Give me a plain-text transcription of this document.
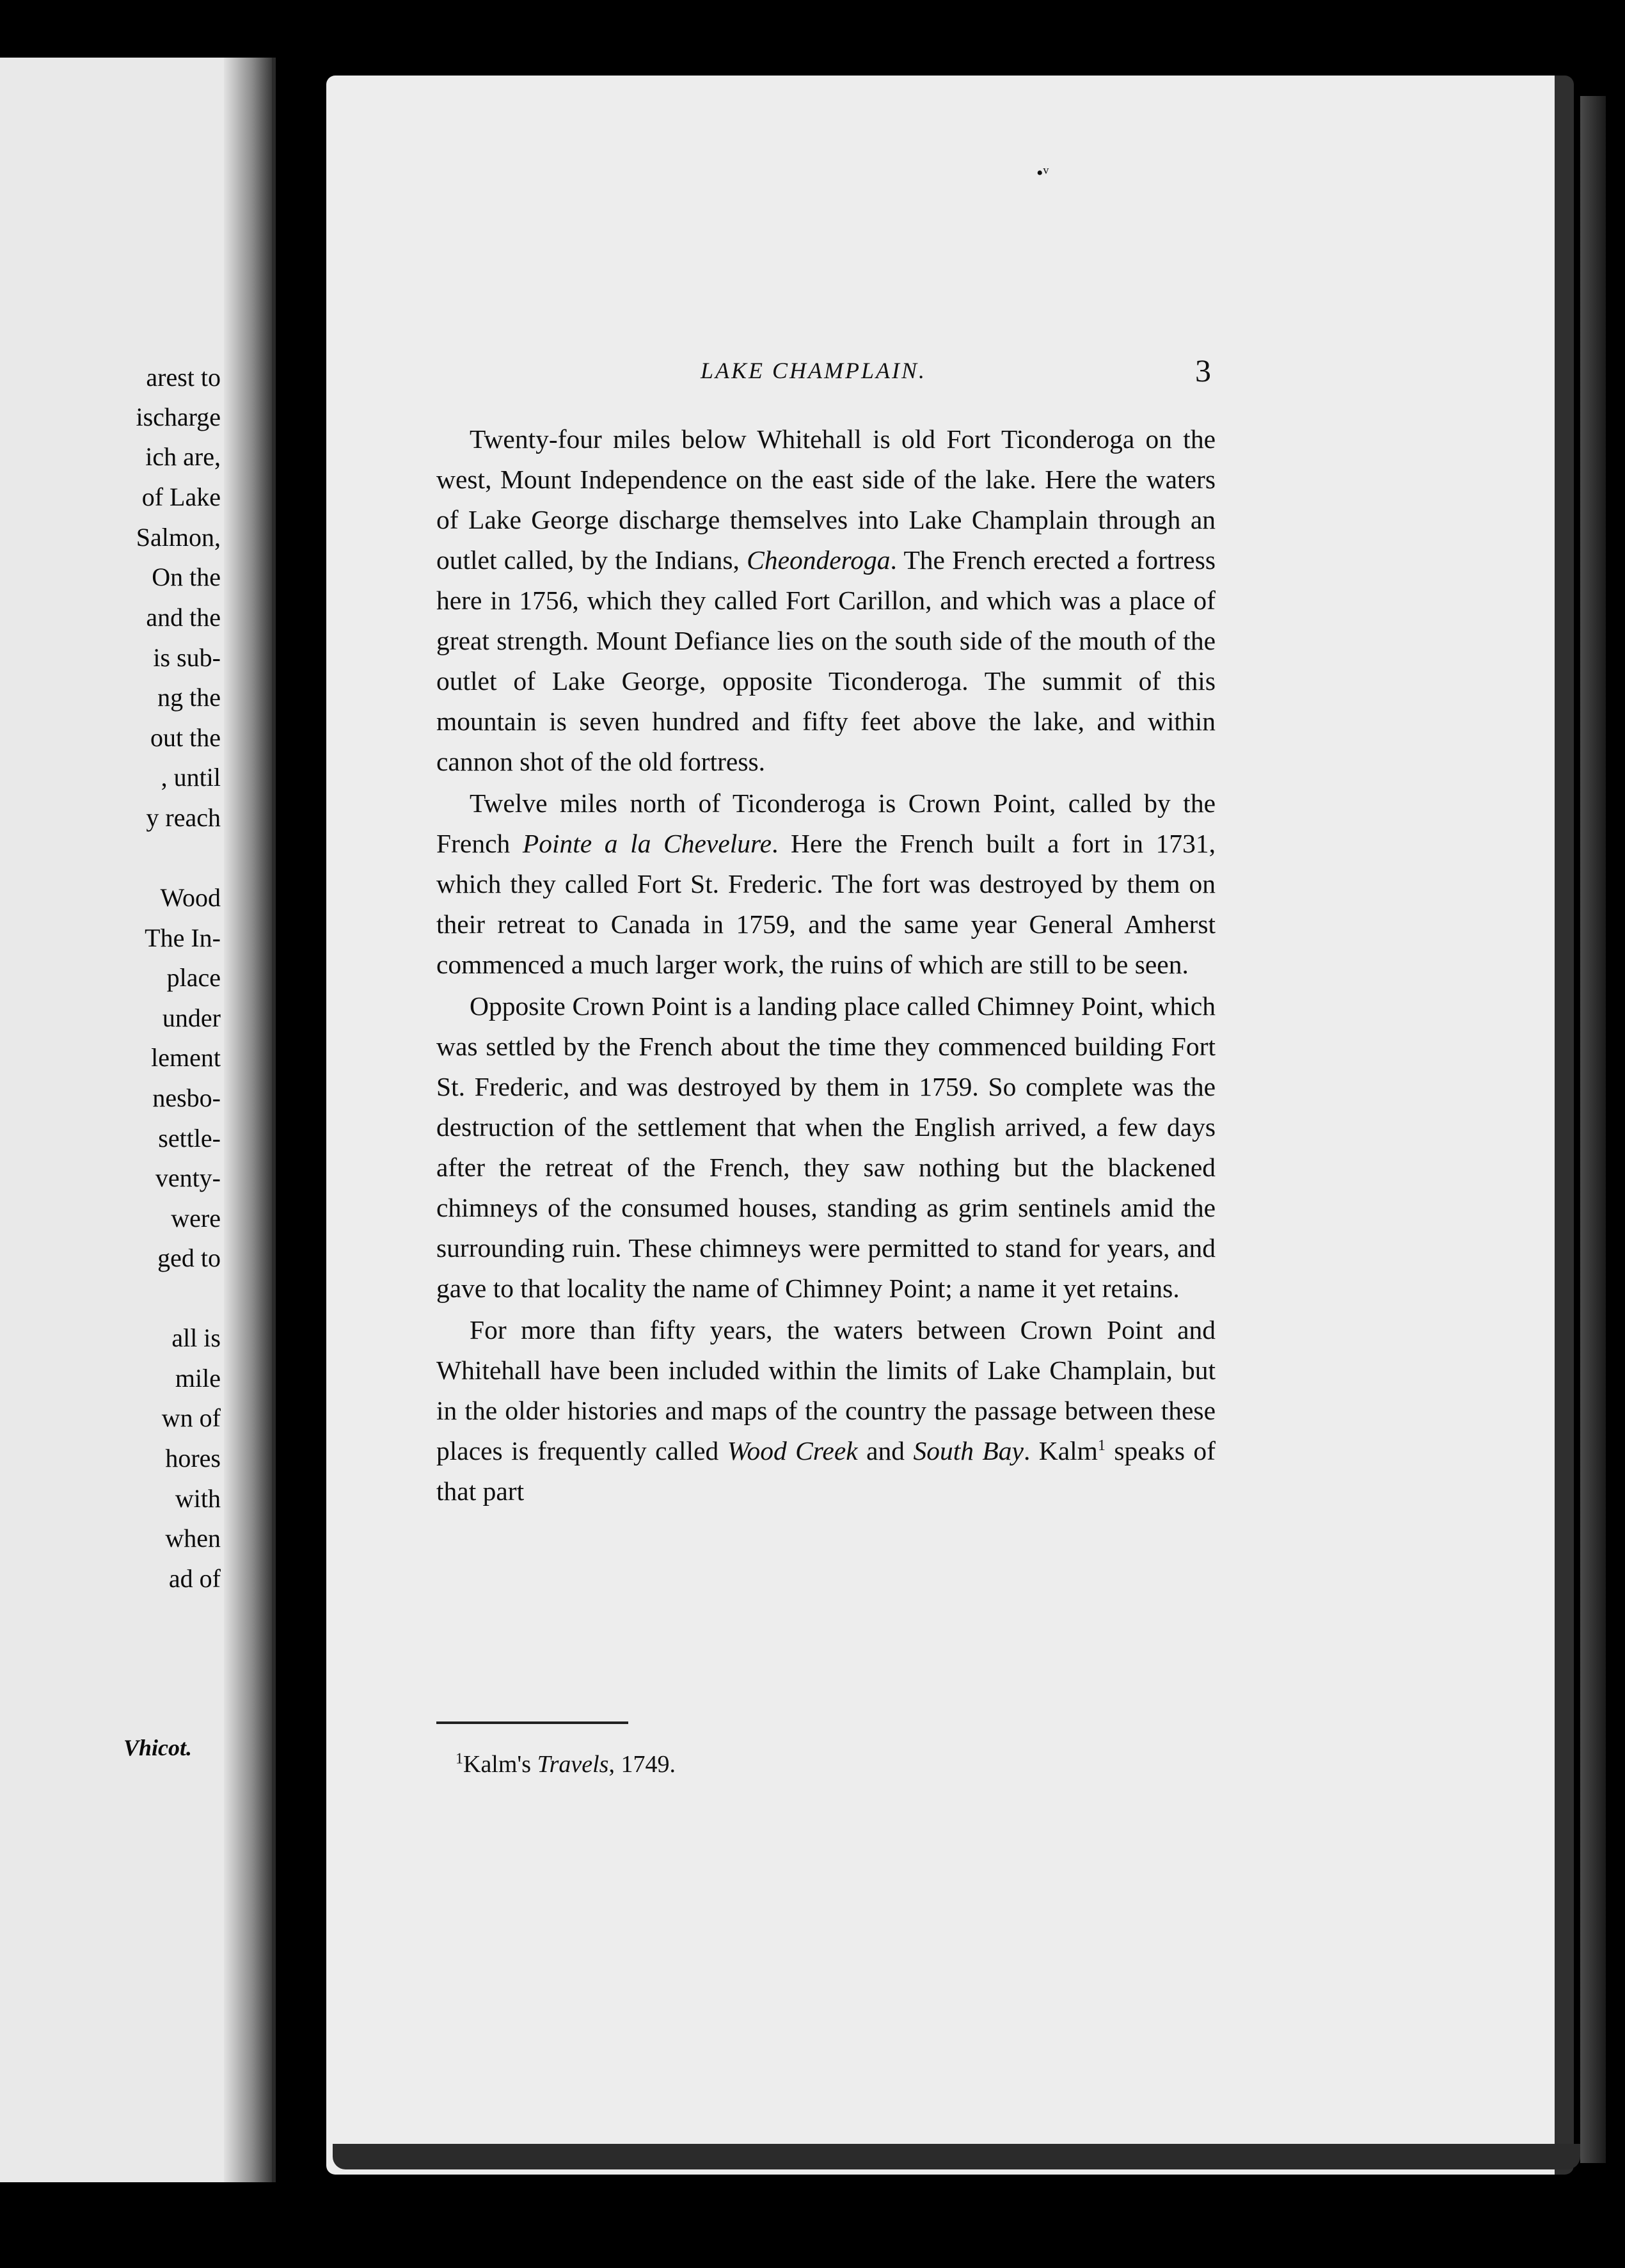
arest to
ischarge
ich are,
of Lake
Salmon,
On the
and the
is sub-
ng the
out the
, until
y reach
Wood
The In-
place
under
lement
nesbo-
settle-
venty-
were
ged to
all is
mile
wn of
hores
with
when
ad of
Vhicot.
•ᵛ
LAKE CHAMPLAIN.	3

Twenty-four miles below Whitehall is old Fort Ticonderoga on the west, Mount Independence on the east side of the lake. Here the waters of Lake George discharge themselves into Lake Champlain through an outlet called, by the Indians, Cheonderoga. The French erected a fortress here in 1756, which they called Fort Carillon, and which was a place of great strength. Mount Defiance lies on the south side of the mouth of the outlet of Lake George, opposite Ticonderoga. The summit of this mountain is seven hundred and fifty feet above the lake, and within cannon shot of the old fortress.

Twelve miles north of Ticonderoga is Crown Point, called by the French Pointe a la Chevelure. Here the French built a fort in 1731, which they called Fort St. Frederic. The fort was destroyed by them on their retreat to Canada in 1759, and the same year General Amherst commenced a much larger work, the ruins of which are still to be seen.

Opposite Crown Point is a landing place called Chimney Point, which was settled by the French about the time they commenced building Fort St. Frederic, and was destroyed by them in 1759. So complete was the destruction of the settlement that when the English arrived, a few days after the retreat of the French, they saw nothing but the blackened chimneys of the consumed houses, standing as grim sentinels amid the surrounding ruin. These chimneys were permitted to stand for years, and gave to that locality the name of Chimney Point; a name it yet retains.

For more than fifty years, the waters between Crown Point and Whitehall have been included within the limits of Lake Champlain, but in the older histories and maps of the country the passage between these places is frequently called Wood Creek and South Bay. Kalm$^1$ speaks of that part

$^1$Kalm's Travels, 1749.
